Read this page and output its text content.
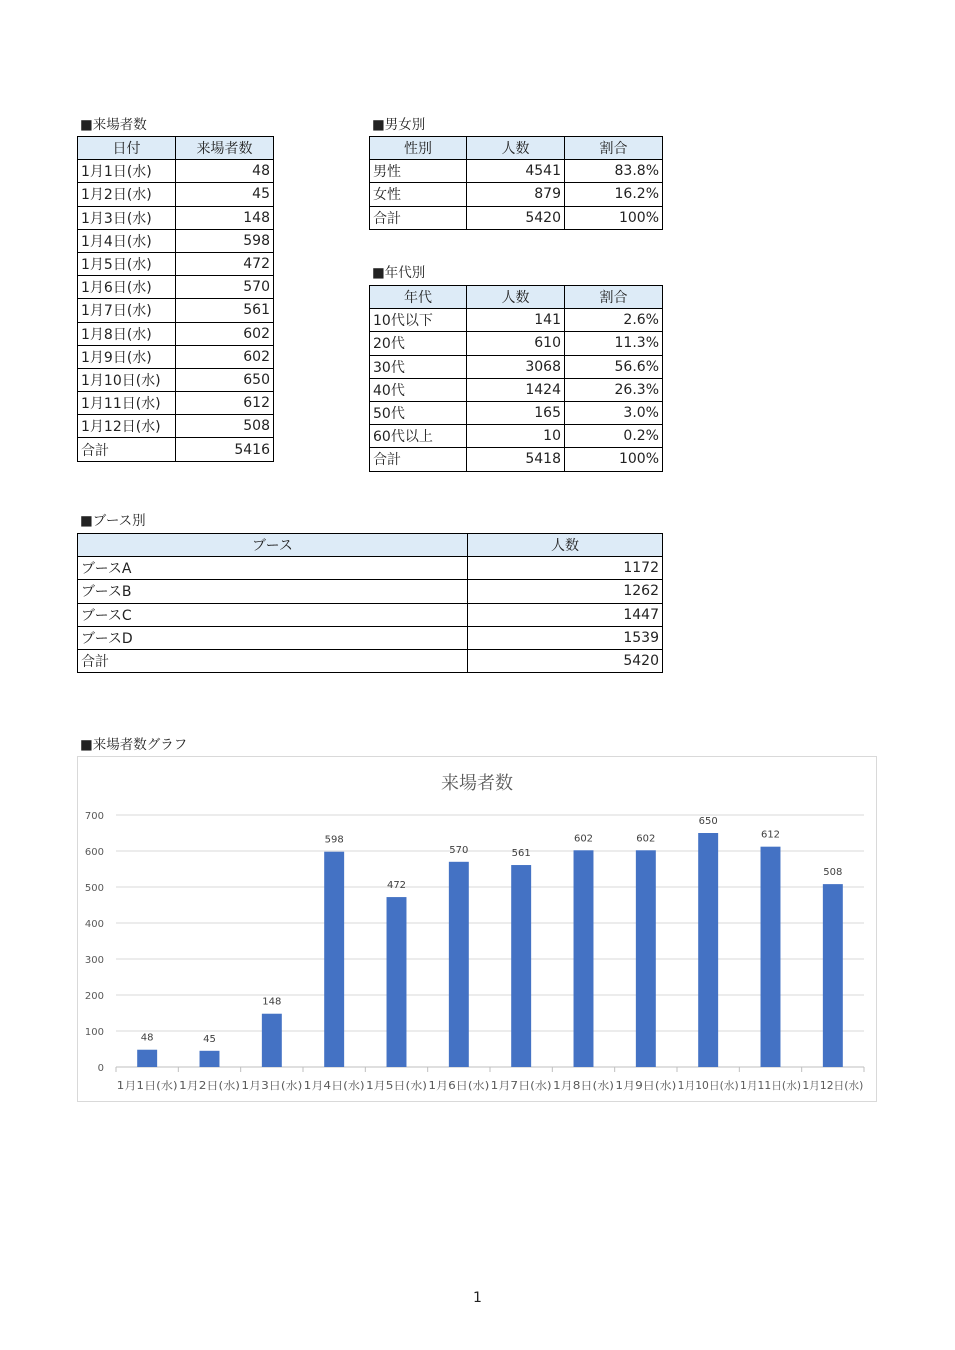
■来場者数	■男女別
■年代別
■ブース別
■来場者数グラフ
日付	来場者数
1月1日(水)	48
1月2日(水)	45
1月3日(水)	148
1月4日(水)	598
1月5日(水)	472
1月6日(水)	570
1月7日(水)	561
1月8日(水)	602
1月9日(水)	602
1月10日(水)	650
1月11日(水)	612
1月12日(水)	508
合計	5416
性別	人数	割合
男性	4541	83.8%
女性	879	16.2%
合計	5420	100%
年代	人数	割合
10代以下	141	2.6%
20代	610	11.3%
30代	3068	56.6%
40代	1424	26.3%
50代	165	3.0%
60代以上	10	0.2%
合計	5418	100%
ブース	人数
ブースA	1172
ブースB	1262
ブースC	1447
ブースD	1539
合計	5420
来場者数
0
100
200
300
400
500
600
700
48	45
148
598
472
570	561
602	602
650
612
508
1月1日(水) 1月2日(水) 1月3日(水) 1月4日(水) 1月5日(水) 1月6日(水) 1月7日(水) 1月8日(水) 1月9日(水) 1月10日(水) 1月11日(水) 1月12日(水)
1
